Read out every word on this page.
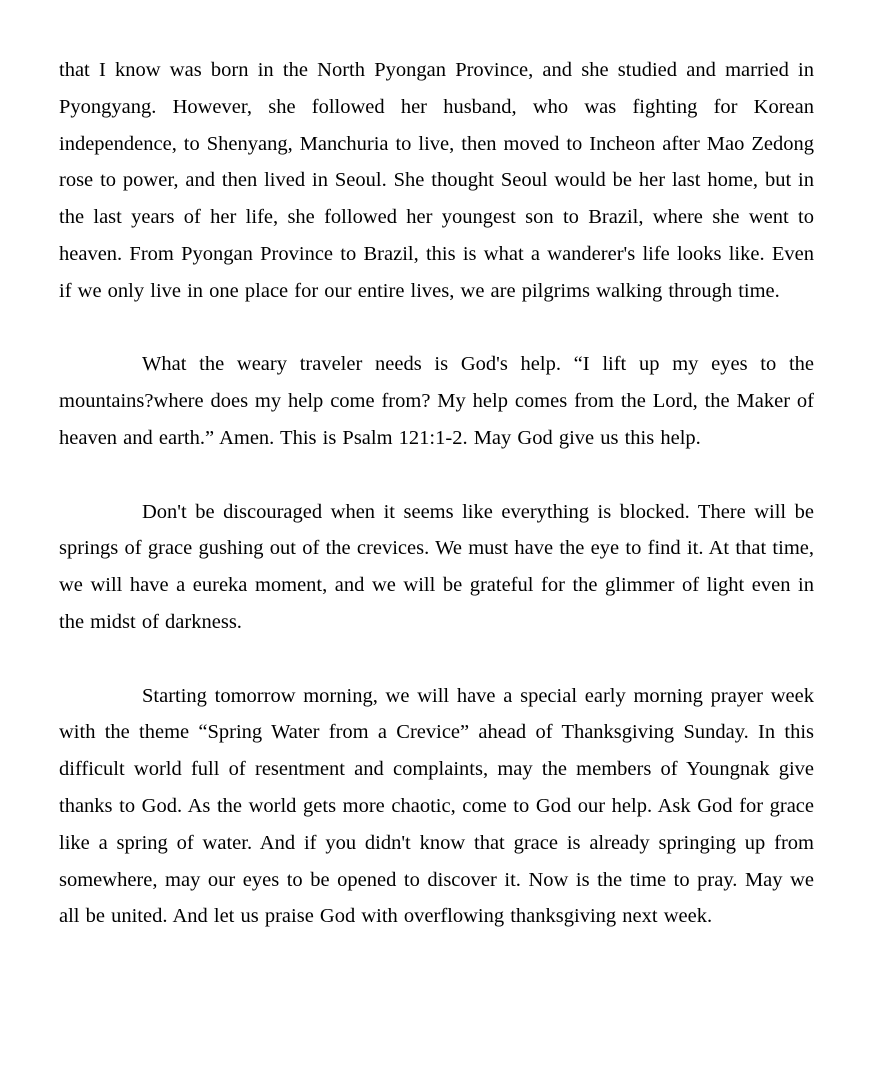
that I know was born in the North Pyongan Province, and she studied and married in Pyongyang. However, she followed her husband, who was fighting for Korean independence, to Shenyang, Manchuria to live, then moved to Incheon after Mao Zedong rose to power, and then lived in Seoul. She thought Seoul would be her last home, but in the last years of her life, she followed her youngest son to Brazil, where she went to heaven. From Pyongan Province to Brazil, this is what a wanderer's life looks like. Even if we only live in one place for our entire lives, we are pilgrims walking through time.

What the weary traveler needs is God's help. “I lift up my eyes to the mountains?where does my help come from? My help comes from the Lord, the Maker of heaven and earth.” Amen. This is Psalm 121:1-2. May God give us this help.

Don't be discouraged when it seems like everything is blocked. There will be springs of grace gushing out of the crevices. We must have the eye to find it. At that time, we will have a eureka moment, and we will be grateful for the glimmer of light even in the midst of darkness.

Starting tomorrow morning, we will have a special early morning prayer week with the theme “Spring Water from a Crevice” ahead of Thanksgiving Sunday. In this difficult world full of resentment and complaints, may the members of Youngnak give thanks to God. As the world gets more chaotic, come to God our help. Ask God for grace like a spring of water. And if you didn't know that grace is already springing up from somewhere, may our eyes to be opened to discover it. Now is the time to pray. May we all be united. And let us praise God with overflowing thanksgiving next week.
